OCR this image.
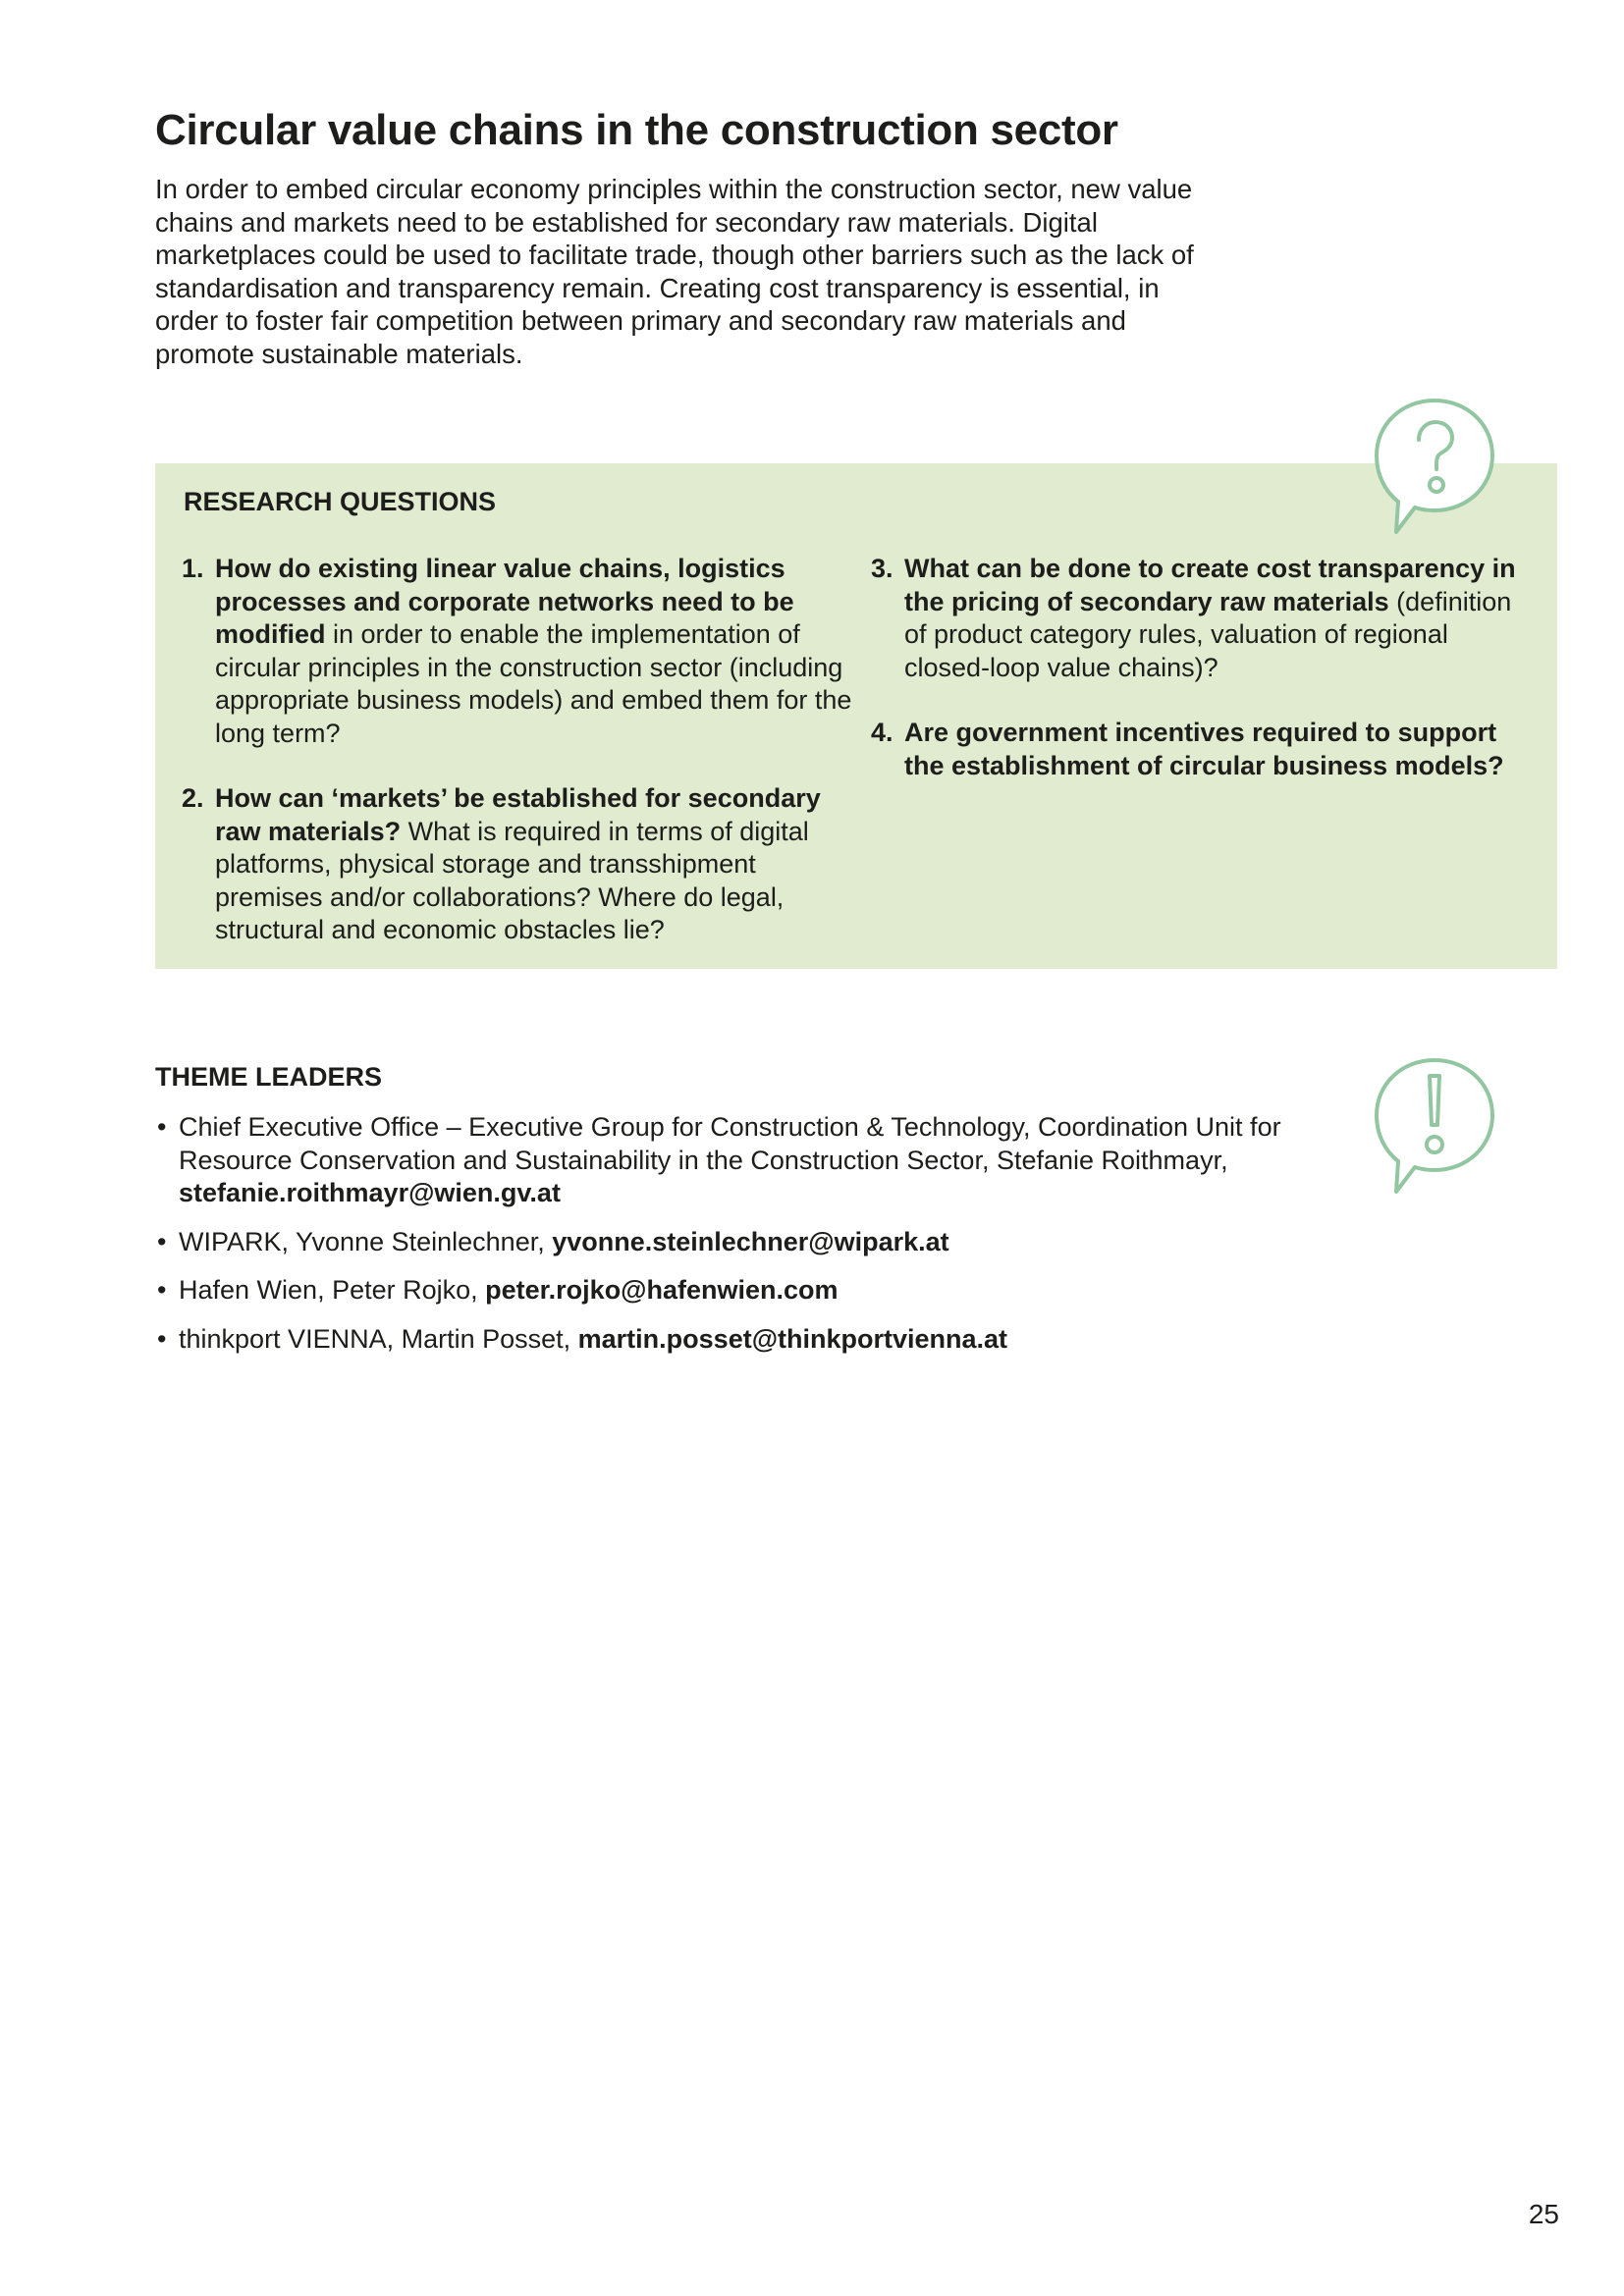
Circular value chains in the construction sector

In order to embed circular economy principles within the construction sector, new value chains and markets need to be established for secondary raw materials. Digital marketplaces could be used to facilitate trade, though other barriers such as the lack of standardisation and transparency remain. Creating cost transparency is essential, in order to foster fair competition between primary and secondary raw materials and promote sustainable materials.

RESEARCH QUESTIONS
1. How do existing linear value chains, logistics processes and corporate networks need to be modified in order to enable the implementation of circular principles in the construction sector (including appropriate business models) and embed them for the long term?
2. How can ‘markets’ be established for secondary raw materials? What is required in terms of digital platforms, physical storage and transshipment premises and/or collaborations? Where do legal, structural and economic obstacles lie?
3. What can be done to create cost transparency in the pricing of secondary raw materials (definition of product category rules, valuation of regional closed-loop value chains)?
4. Are government incentives required to support the establishment of circular business models?
THEME LEADERS
• Chief Executive Office – Executive Group for Construction & Technology, Coordination Unit for Resource Conservation and Sustainability in the Construction Sector, Stefanie Roithmayr, stefanie.roithmayr@wien.gv.at
• WIPARK, Yvonne Steinlechner, yvonne.steinlechner@wipark.at
• Hafen Wien, Peter Rojko, peter.rojko@hafenwien.com
• thinkport VIENNA, Martin Posset, martin.posset@thinkportvienna.at
25
